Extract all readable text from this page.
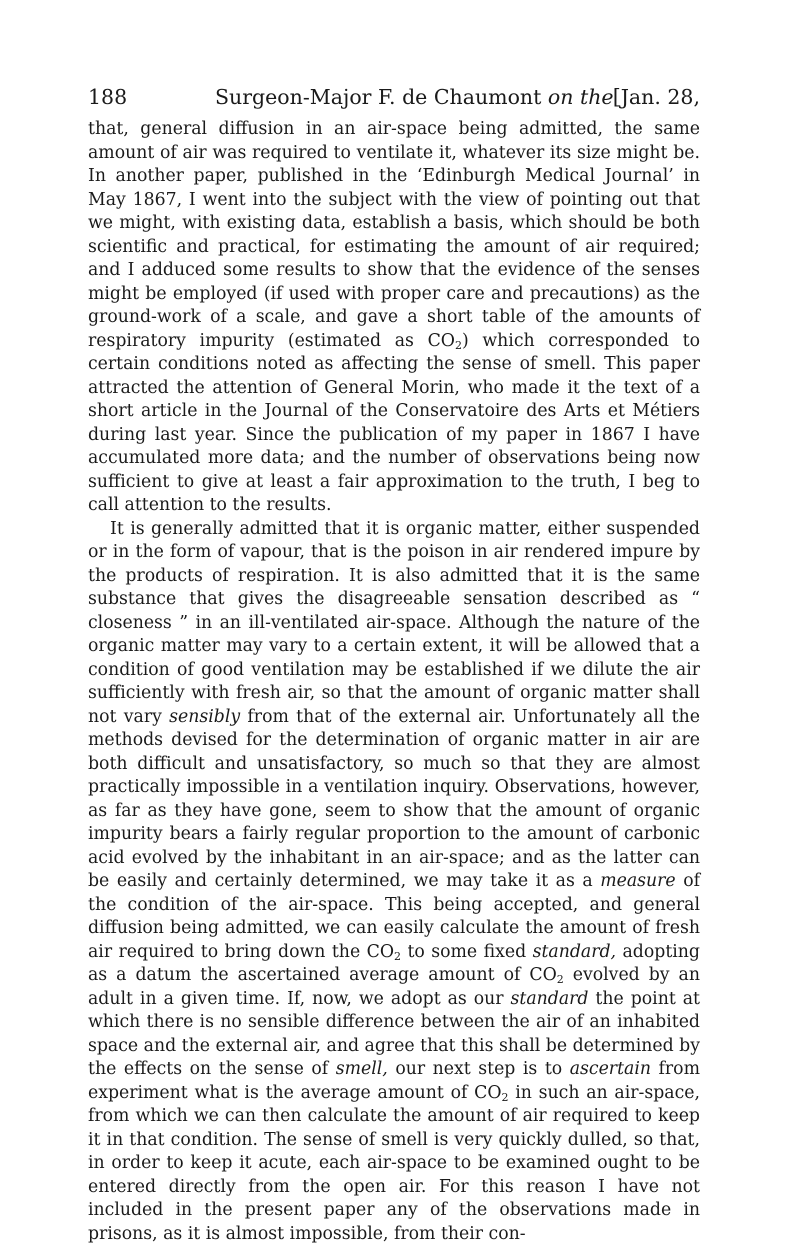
188	Surgeon-Major F. de Chaumont on the [Jan. 28,

that, general diffusion in an air-space being admitted, the same amount of air was required to ventilate it, whatever its size might be. In another paper, published in the ‘Edinburgh Medical Journal’ in May 1867, I went into the subject with the view of pointing out that we might, with existing data, establish a basis, which should be both scientific and practical, for estimating the amount of air required; and I adduced some results to show that the evidence of the senses might be employed (if used with proper care and precautions) as the ground-work of a scale, and gave a short table of the amounts of respiratory impurity (estimated as $CO_2$) which corresponded to certain conditions noted as affecting the sense of smell. This paper attracted the attention of General Morin, who made it the text of a short article in the Journal of the Conservatoire des Arts et Métiers during last year. Since the publication of my paper in 1867 I have accumulated more data; and the number of observations being now sufficient to give at least a fair approximation to the truth, I beg to call attention to the results.

It is generally admitted that it is organic matter, either suspended or in the form of vapour, that is the poison in air rendered impure by the products of respiration. It is also admitted that it is the same substance that gives the disagreeable sensation described as “ closeness ” in an ill-ventilated air-space. Although the nature of the organic matter may vary to a certain extent, it will be allowed that a condition of good ventilation may be established if we dilute the air sufficiently with fresh air, so that the amount of organic matter shall not vary sensibly from that of the external air. Unfortunately all the methods devised for the determination of organic matter in air are both difficult and unsatisfactory, so much so that they are almost practically impossible in a ventilation inquiry. Observations, however, as far as they have gone, seem to show that the amount of organic impurity bears a fairly regular proportion to the amount of carbonic acid evolved by the inhabitant in an air-space; and as the latter can be easily and certainly determined, we may take it as a measure of the condition of the air-space. This being accepted, and general diffusion being admitted, we can easily calculate the amount of fresh air required to bring down the $CO_2$ to some fixed standard, adopting as a datum the ascertained average amount of $CO_2$ evolved by an adult in a given time. If, now, we adopt as our standard the point at which there is no sensible difference between the air of an inhabited space and the external air, and agree that this shall be determined by the effects on the sense of smell, our next step is to ascertain from experiment what is the average amount of $CO_2$ in such an air-space, from which we can then calculate the amount of air required to keep it in that condition. The sense of smell is very quickly dulled, so that, in order to keep it acute, each air-space to be examined ought to be entered directly from the open air. For this reason I have not included in the present paper any of the observations made in prisons, as it is almost impossible, from their con-
